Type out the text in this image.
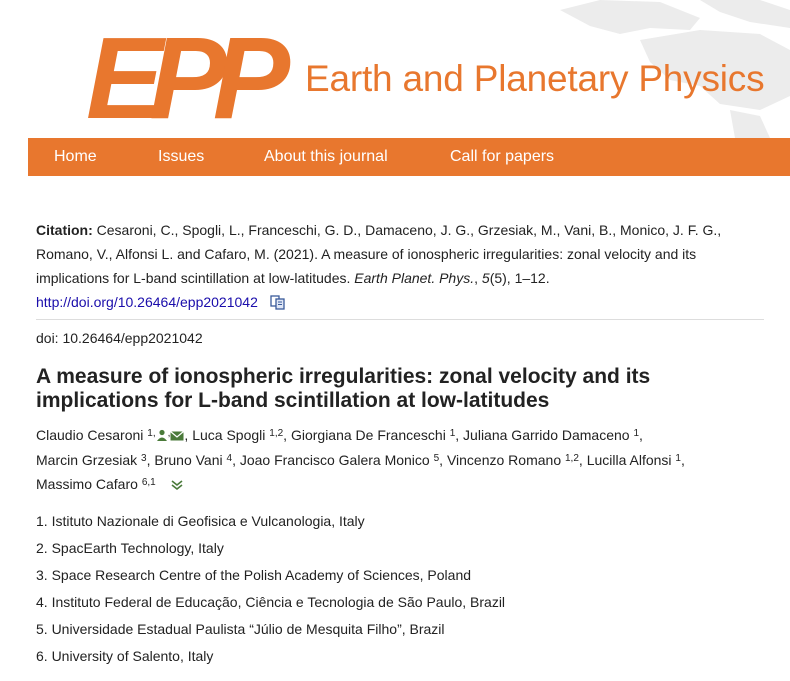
EPP Earth and Planetary Physics
Home	Issues	About this journal	Call for papers
Citation: Cesaroni, C., Spogli, L., Franceschi, G. D., Damaceno, J. G., Grzesiak, M., Vani, B., Monico, J. F. G., Romano, V., Alfonsi L. and Cafaro, M. (2021). A measure of ionospheric irregularities: zonal velocity and its implications for L-band scintillation at low-latitudes. Earth Planet. Phys., 5(5), 1–12.
http://doi.org/10.26464/epp2021042
doi: 10.26464/epp2021042
A measure of ionospheric irregularities: zonal velocity and its implications for L-band scintillation at low-latitudes
Claudio Cesaroni $^{1,}$ , , Luca Spogli $^{1,2}$, Giorgiana De Franceschi $^1$, Juliana Garrido Damaceno $^1$,
Marcin Grzesiak $^3$, Bruno Vani $^4$, Joao Francisco Galera Monico $^5$, Vincenzo Romano $^{1,2}$, Lucilla Alfonsi $^1$,
Massimo Cafaro $^{6,1}$
1. Istituto Nazionale di Geofisica e Vulcanologia, Italy
2. SpacEarth Technology, Italy
3. Space Research Centre of the Polish Academy of Sciences, Poland
4. Instituto Federal de Educação, Ciência e Tecnologia de São Paulo, Brazil
5. Universidade Estadual Paulista “Júlio de Mesquita Filho”, Brazil
6. University of Salento, Italy
